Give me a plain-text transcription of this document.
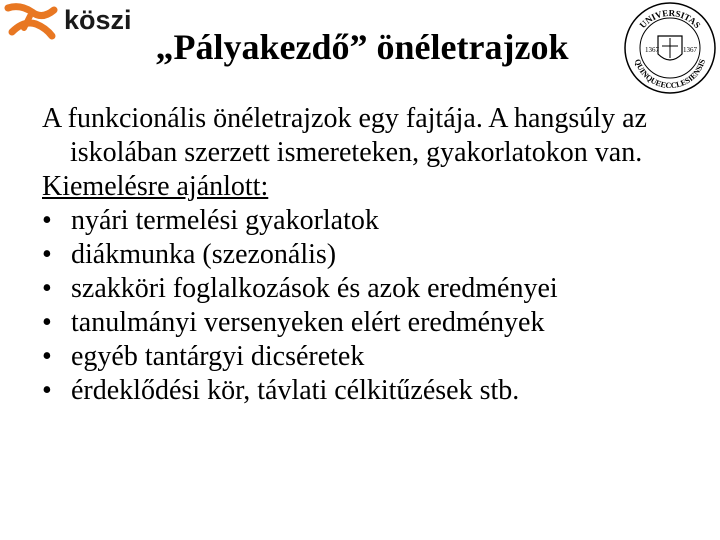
köszi	UNIVERSITAS
QUINQUEECCLESIENSIS
1367	1367
„Pályakezdő” önéletrajzok

A funkcionális önéletrajzok egy fajtája. A hangsúly az iskolában szerzett ismereteken, gyakorlatokon van.

Kiemelésre ajánlott:

• nyári termelési gyakorlatok
• diákmunka (szezonális)
• szakköri foglalkozások és azok eredményei
• tanulmányi versenyeken elért eredmények
• egyéb tantárgyi dicséretek
• érdeklődési kör, távlati célkitűzések stb.
